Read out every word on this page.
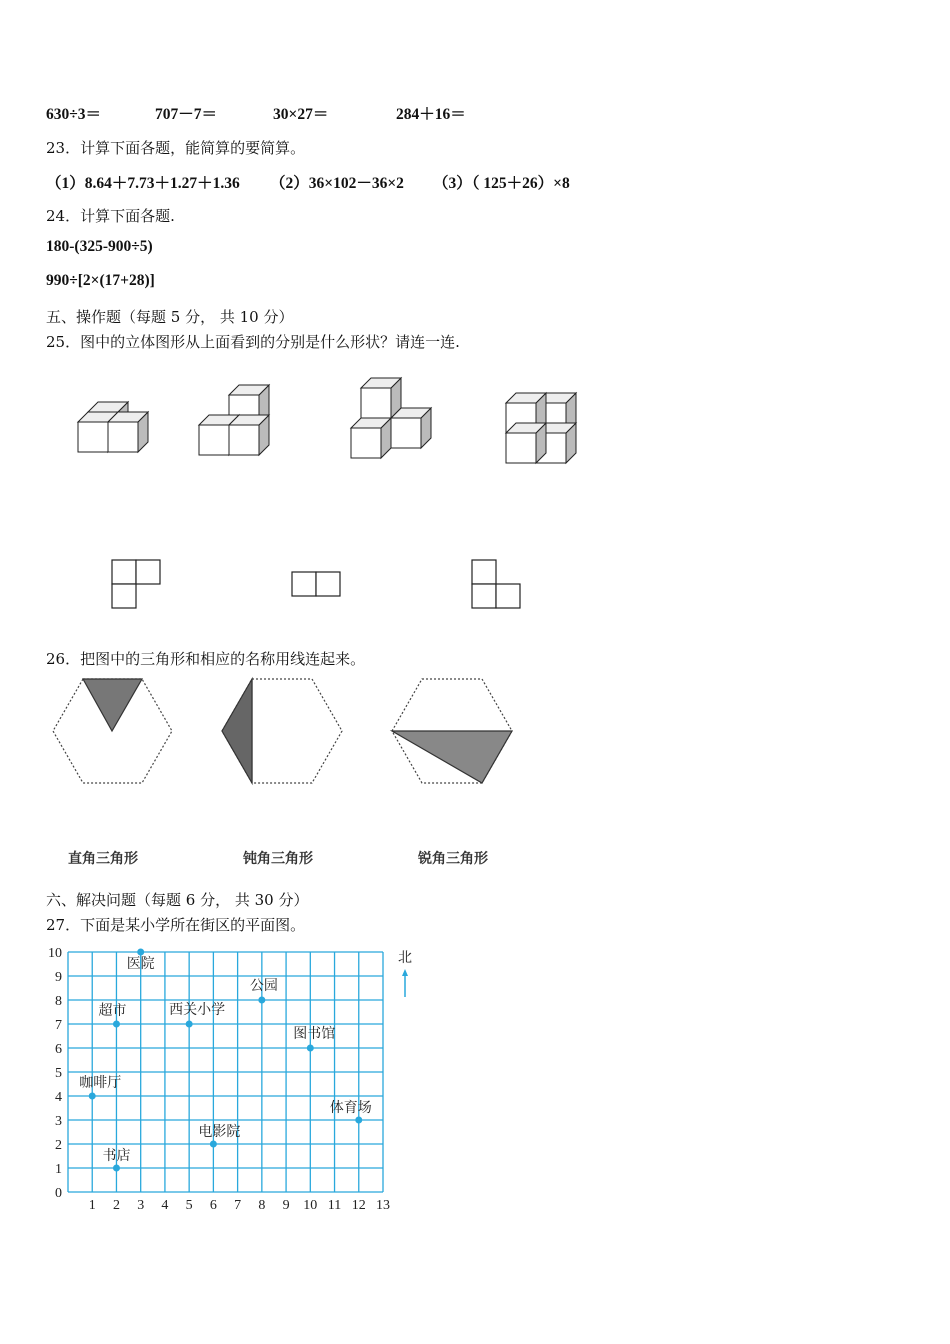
630÷3＝	707－7＝	30×27＝	284＋16＝
23．计算下面各题，能简算的要简算。
（1）8.64＋7.73＋1.27＋1.36 （2）36×102－36×2 （3）（ 125＋26）×8
24．计算下面各题.
180-(325-900÷5)
990÷[2×(17+28)]
五、操作题（每题 5 分， 共 10 分）
25．图中的立体图形从上面看到的分别是什么形状？请连一连.
26．把图中的三角形和相应的名称用线连起来。
六、解决问题（每题 6 分， 共 30 分）
27．下面是某小学所在街区的平面图。
直角三角形	钝角三角形	锐角三角形
1 2 3 4 5 6 7 8 9 10 11 12 13
0
1
2
3
4
5
6
7
8
9
10
医院
超市	西关小学
公园
图书馆
咖啡厅
体育场
电影院
书店
北
